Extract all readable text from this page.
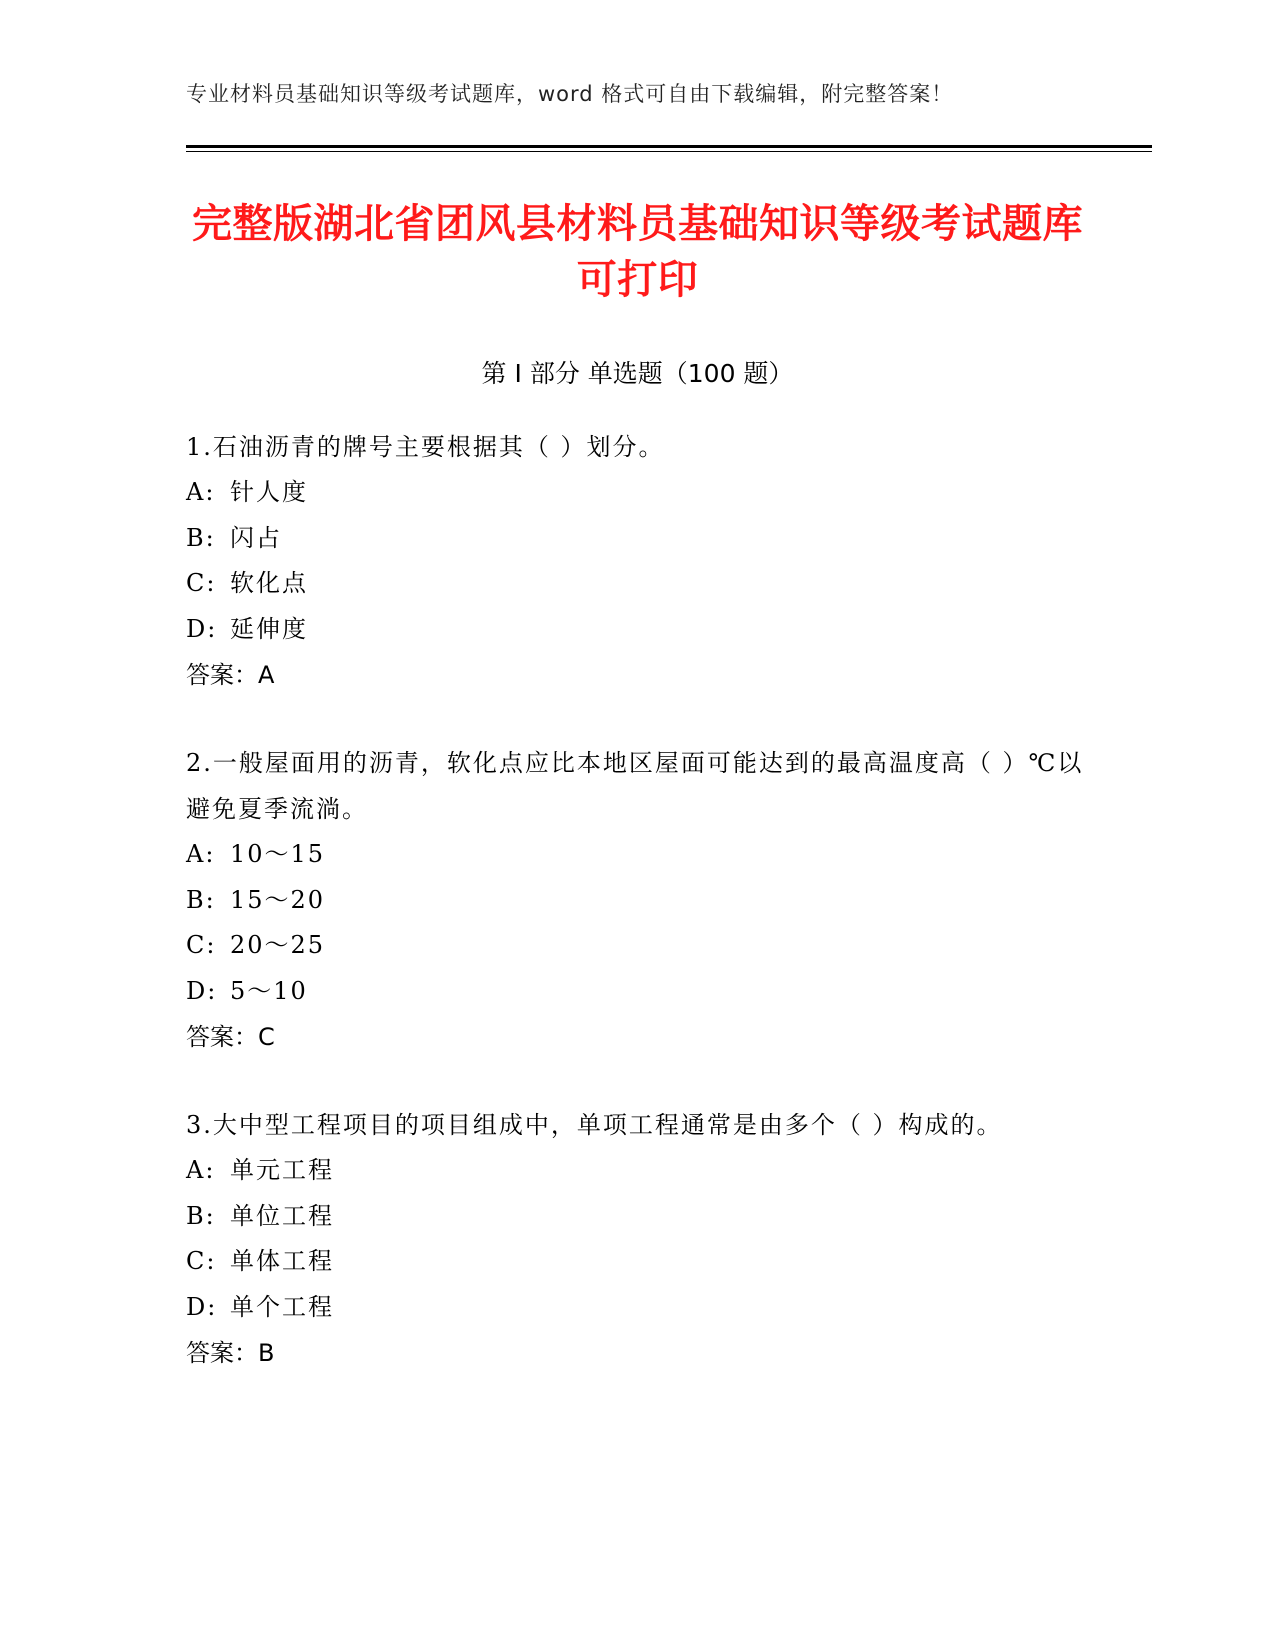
专业材料员基础知识等级考试题库，word 格式可自由下载编辑，附完整答案！
完整版湖北省团风县材料员基础知识等级考试题库可打印
第 I 部分 单选题（100 题）
1.石油沥青的牌号主要根据其（ ）划分。
A: 针人度
B: 闪占
C: 软化点
D: 延伸度
答案：A
2.一般屋面用的沥青，软化点应比本地区屋面可能达到的最高温度高（ ）℃以避免夏季流淌。
A: 10～15
B: 15～20
C: 20～25
D: 5～10
答案：C
3.大中型工程项目的项目组成中，单项工程通常是由多个（ ）构成的。
A: 单元工程
B: 单位工程
C: 单体工程
D: 单个工程
答案：B
